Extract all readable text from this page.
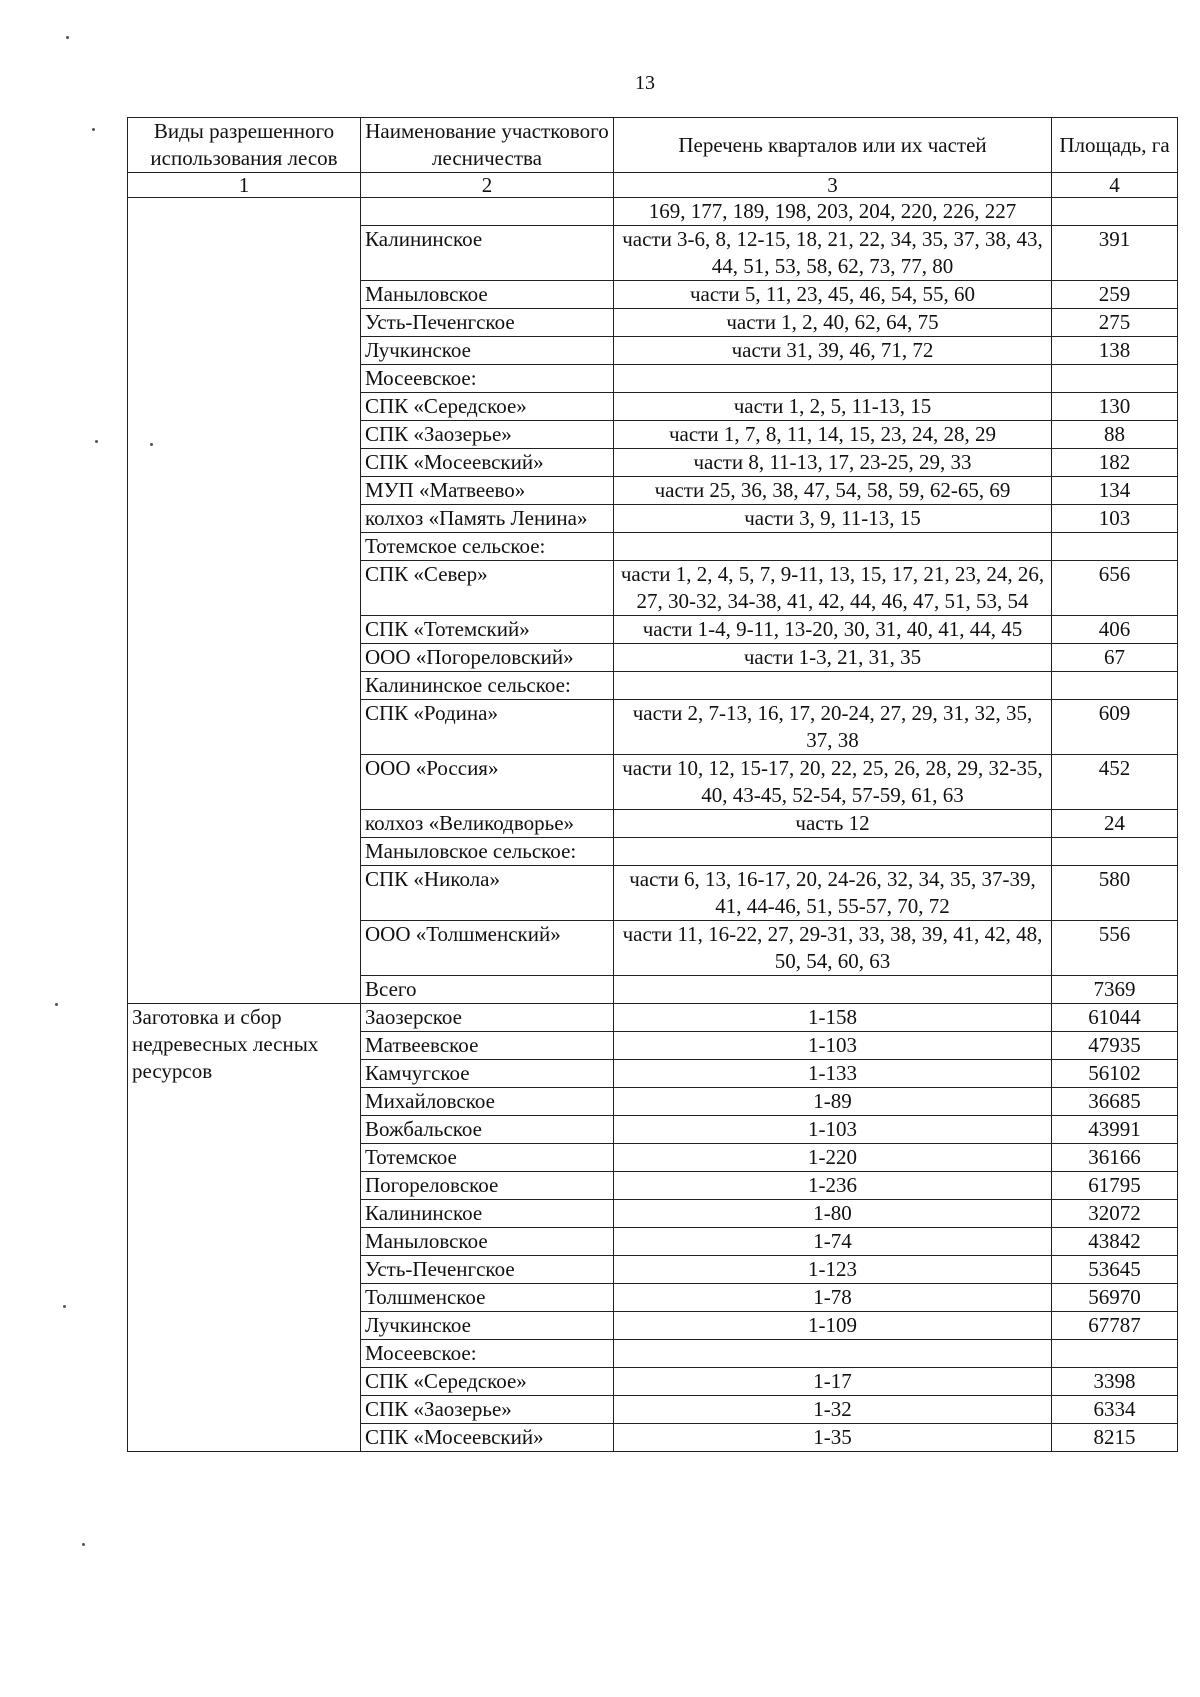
13
Виды разрешенного использования лесов	Наименование участкового лесничества	Перечень кварталов или их частей	Площадь, га
1	2	3	4
		169, 177, 189, 198, 203, 204, 220, 226, 227	
	Калининское	части 3-6, 8, 12-15, 18, 21, 22, 34, 35, 37, 38, 43, 44, 51, 53, 58, 62, 73, 77, 80	391
	Маныловское	части 5, 11, 23, 45, 46, 54, 55, 60	259
	Усть-Печенгское	части 1, 2, 40, 62, 64, 75	275
	Лучкинское	части 31, 39, 46, 71, 72	138
	Мосеевское:		
	СПК «Середское»	части 1, 2, 5, 11-13, 15	130
	СПК «Заозерье»	части 1, 7, 8, 11, 14, 15, 23, 24, 28, 29	88
	СПК «Мосеевский»	части 8, 11-13, 17, 23-25, 29, 33	182
	МУП «Матвеево»	части 25, 36, 38, 47, 54, 58, 59, 62-65, 69	134
	колхоз «Память Ленина»	части 3, 9, 11-13, 15	103
	Тотемское сельское:		
	СПК «Север»	части 1, 2, 4, 5, 7, 9-11, 13, 15, 17, 21, 23, 24, 26, 27, 30-32, 34-38, 41, 42, 44, 46, 47, 51, 53, 54	656
	СПК «Тотемский»	части 1-4, 9-11, 13-20, 30, 31, 40, 41, 44, 45	406
	ООО «Погореловский»	части 1-3, 21, 31, 35	67
	Калининское сельское:		
	СПК «Родина»	части 2, 7-13, 16, 17, 20-24, 27, 29, 31, 32, 35, 37, 38	609
	ООО «Россия»	части 10, 12, 15-17, 20, 22, 25, 26, 28, 29, 32-35, 40, 43-45, 52-54, 57-59, 61, 63	452
	колхоз «Великодворье»	часть 12	24
	Маныловское сельское:		
	СПК «Никола»	части 6, 13, 16-17, 20, 24-26, 32, 34, 35, 37-39, 41, 44-46, 51, 55-57, 70, 72	580
	ООО «Толшменский»	части 11, 16-22, 27, 29-31, 33, 38, 39, 41, 42, 48, 50, 54, 60, 63	556
	Всего		7369
Заготовка и сбор недревесных лесных ресурсов	Заозерское	1-158	61044
	Матвеевское	1-103	47935
	Камчугское	1-133	56102
	Михайловское	1-89	36685
	Вожбальское	1-103	43991
	Тотемское	1-220	36166
	Погореловское	1-236	61795
	Калининское	1-80	32072
	Маныловское	1-74	43842
	Усть-Печенгское	1-123	53645
	Толшменское	1-78	56970
	Лучкинское	1-109	67787
	Мосеевское:		
	СПК «Середское»	1-17	3398
	СПК «Заозерье»	1-32	6334
	СПК «Мосеевский»	1-35	8215
